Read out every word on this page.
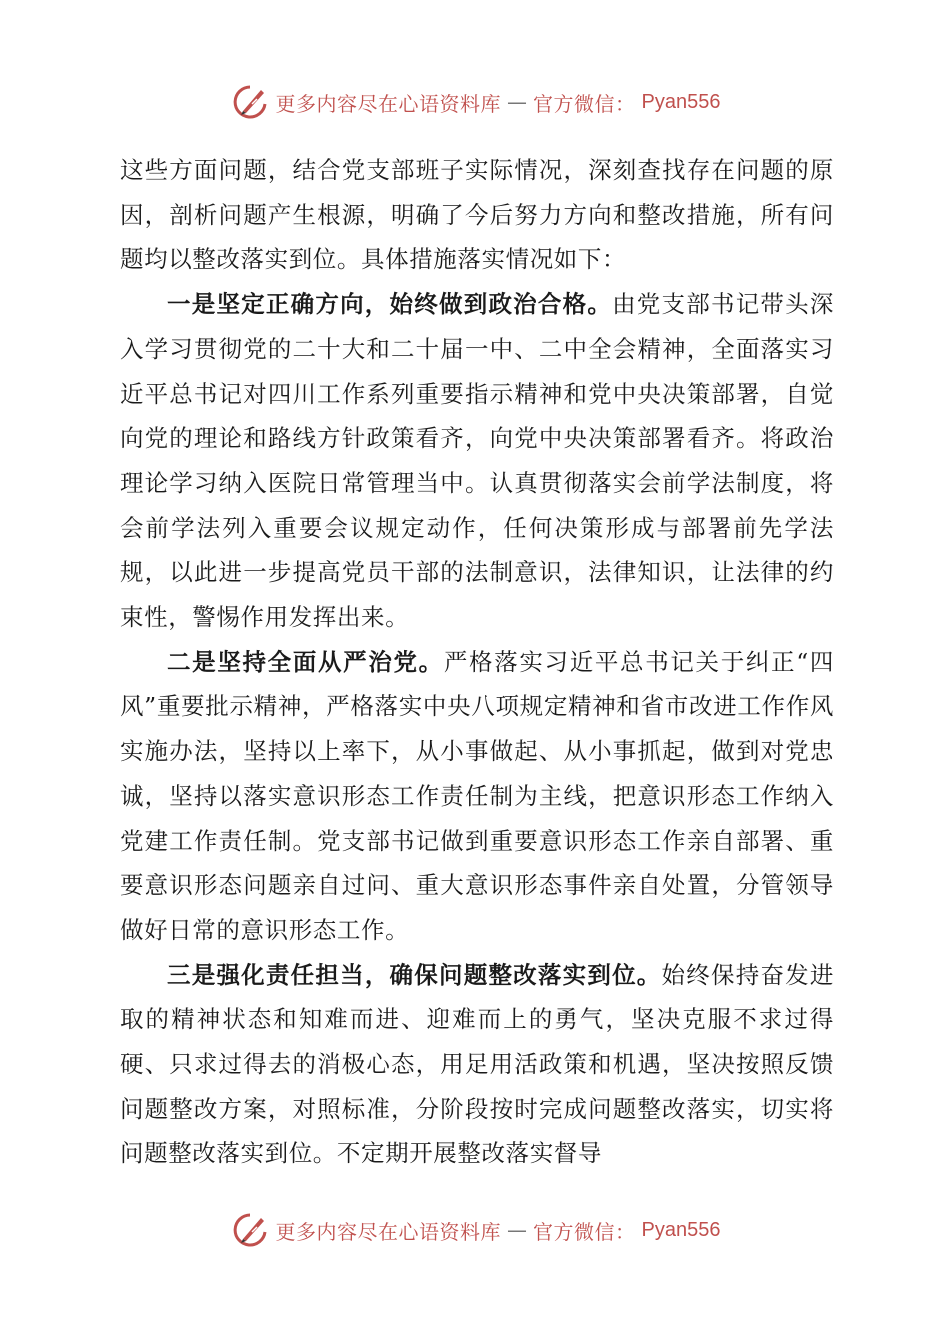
更多内容尽在心语资料库 — 官方微信： Pyan556

这些方面问题，结合党支部班子实际情况，深刻查找存在问题的原因，剖析问题产生根源，明确了今后努力方向和整改措施，所有问题均以整改落实到位。具体措施落实情况如下：

一是坚定正确方向，始终做到政治合格。由党支部书记带头深入学习贯彻党的二十大和二十届一中、二中全会精神，全面落实习近平总书记对四川工作系列重要指示精神和党中央决策部署，自觉向党的理论和路线方针政策看齐，向党中央决策部署看齐。将政治理论学习纳入医院日常管理当中。认真贯彻落实会前学法制度，将会前学法列入重要会议规定动作，任何决策形成与部署前先学法规，以此进一步提高党员干部的法制意识，法律知识，让法律的约束性，警惕作用发挥出来。

二是坚持全面从严治党。严格落实习近平总书记关于纠正“四风”重要批示精神，严格落实中央八项规定精神和省市改进工作作风实施办法，坚持以上率下，从小事做起、从小事抓起，做到对党忠诚，坚持以落实意识形态工作责任制为主线，把意识形态工作纳入党建工作责任制。党支部书记做到重要意识形态工作亲自部署、重要意识形态问题亲自过问、重大意识形态事件亲自处置，分管领导做好日常的意识形态工作。

三是强化责任担当，确保问题整改落实到位。始终保持奋发进取的精神状态和知难而进、迎难而上的勇气，坚决克服不求过得硬、只求过得去的消极心态，用足用活政策和机遇，坚决按照反馈问题整改方案，对照标准，分阶段按时完成问题整改落实，切实将问题整改落实到位。不定期开展整改落实督导

更多内容尽在心语资料库 — 官方微信： Pyan556
